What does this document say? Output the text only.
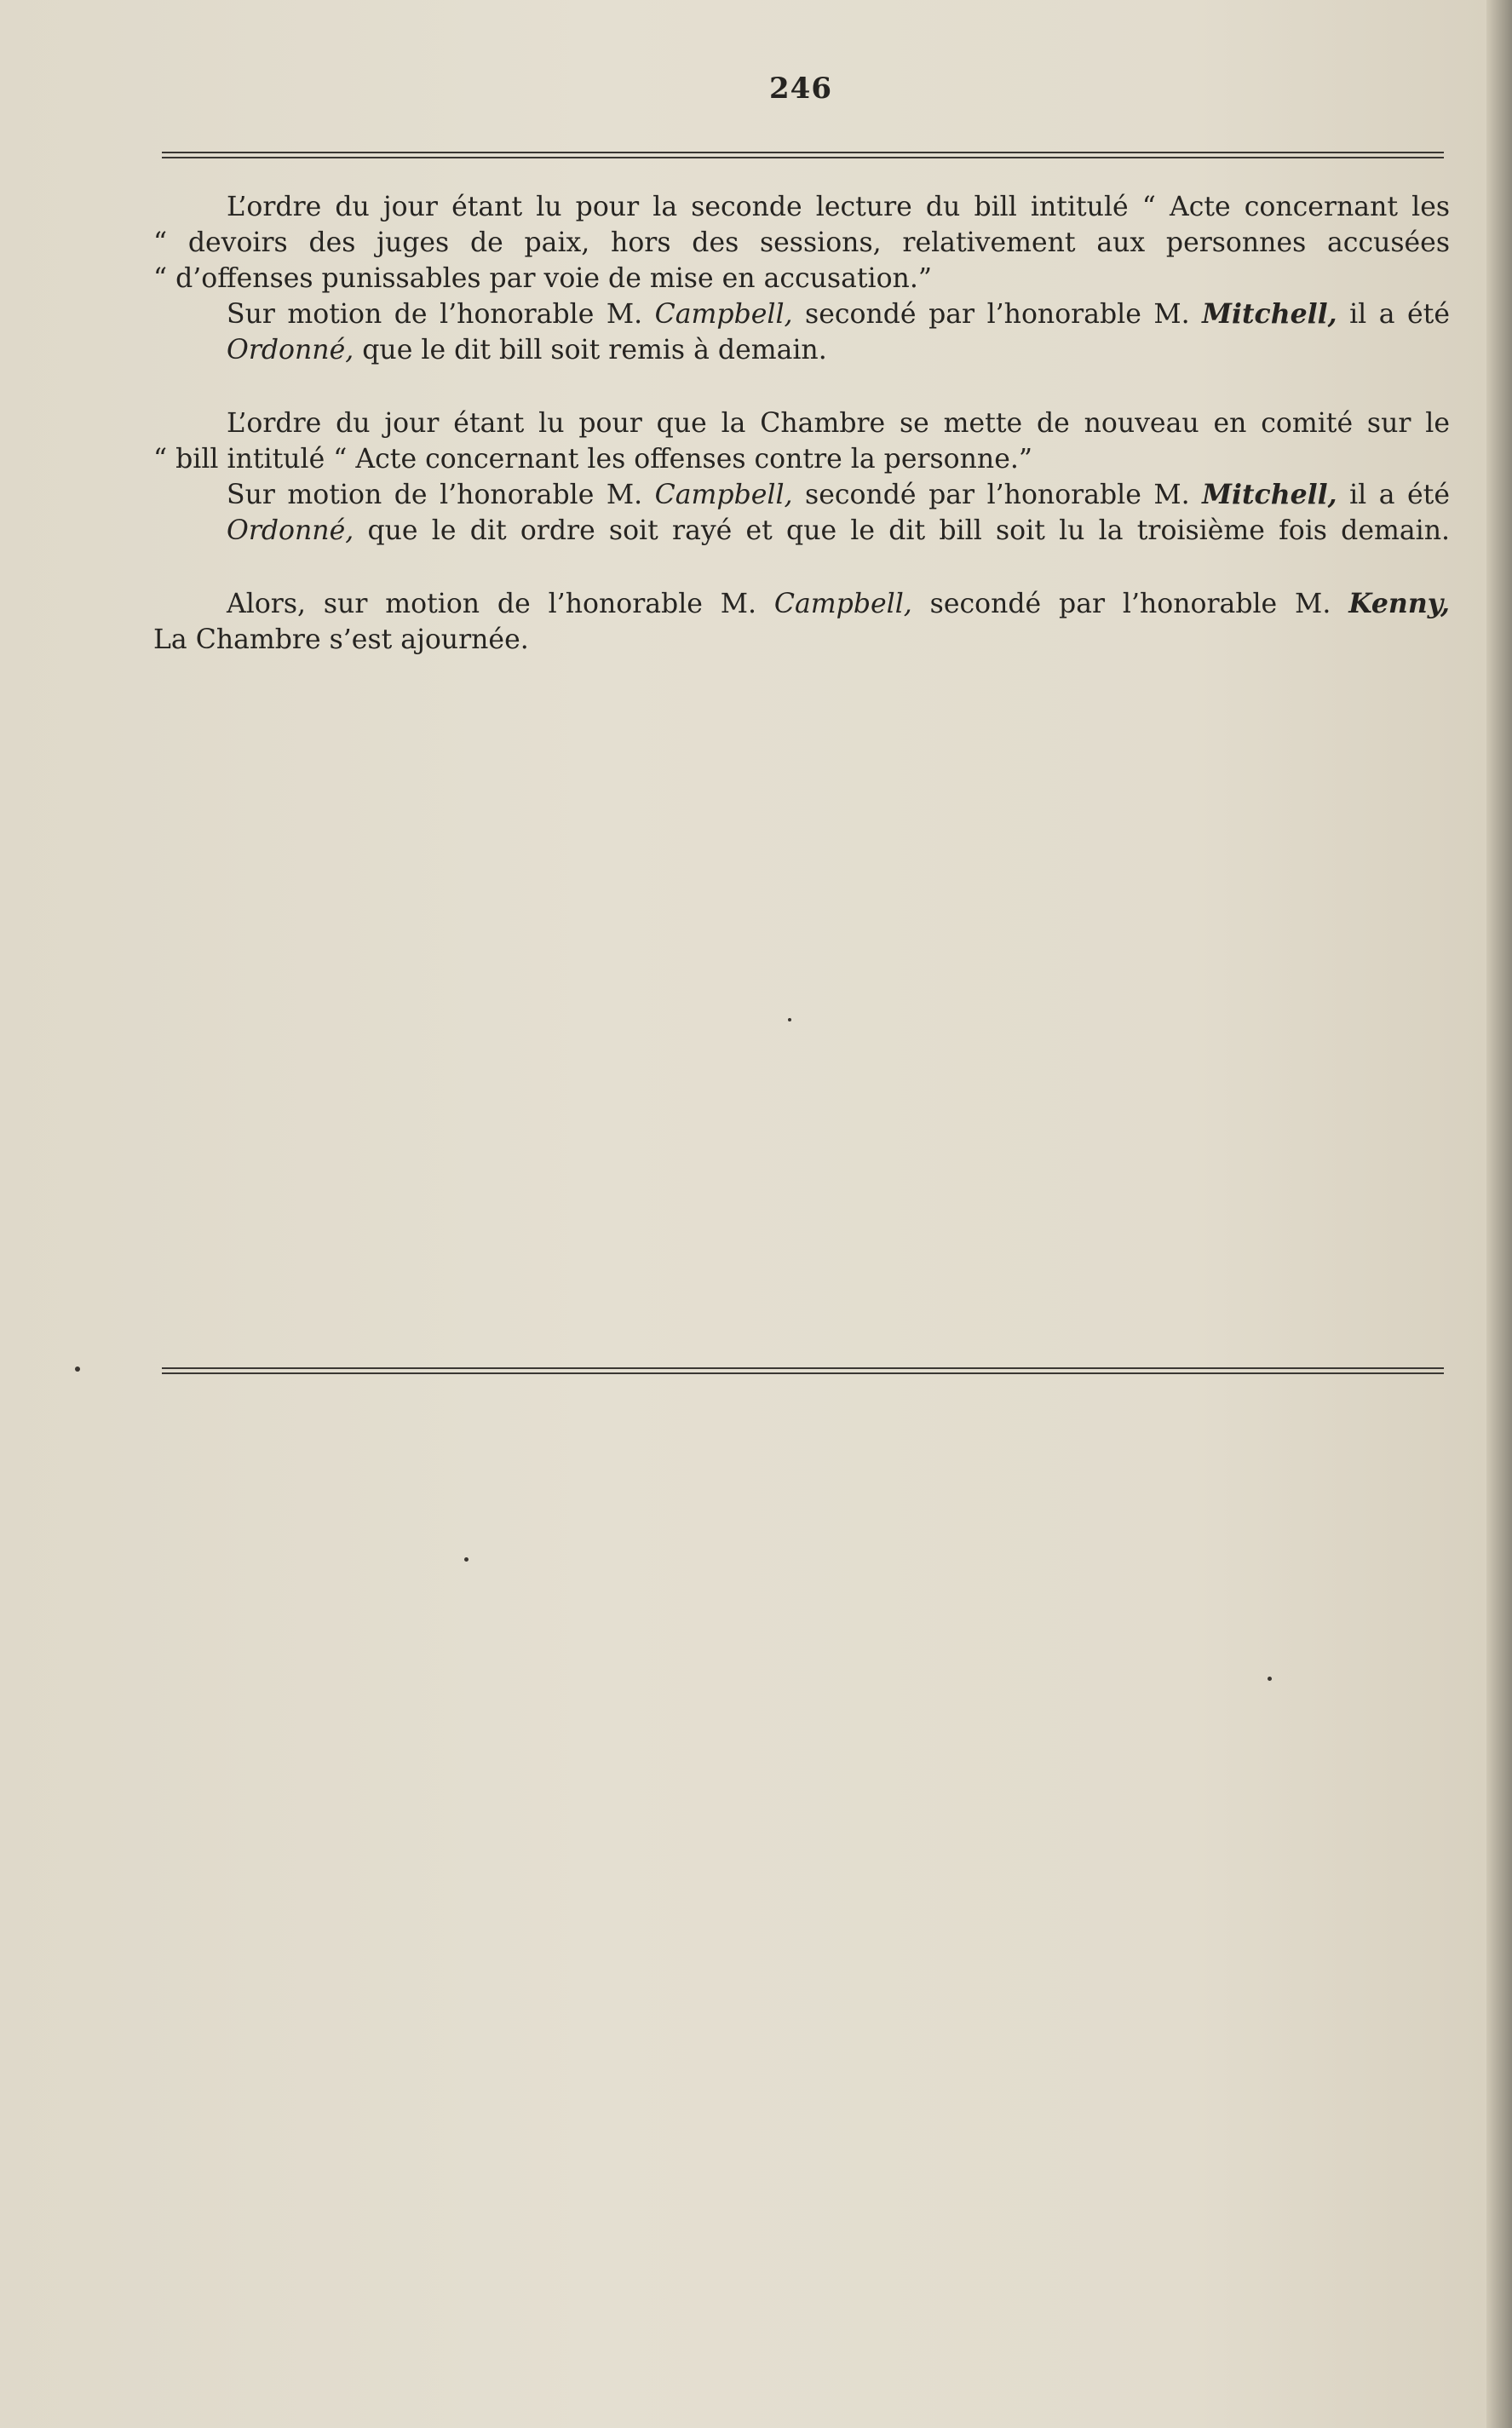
246
L’ordre du jour étant lu pour la seconde lecture du bill intitulé “ Acte concernant les
“ devoirs des juges de paix, hors des sessions, relativement aux personnes accusées
“ d’offenses punissables par voie de mise en accusation.”
Sur motion de l’honorable M. Campbell, secondé par l’honorable M. Mitchell, il a été
Ordonné, que le dit bill soit remis à demain.
L’ordre du jour étant lu pour que la Chambre se mette de nouveau en comité sur le
“ bill intitulé “ Acte concernant les offenses contre la personne.”
Sur motion de l’honorable M. Campbell, secondé par l’honorable M. Mitchell, il a été
Ordonné, que le dit ordre soit rayé et que le dit bill soit lu la troisième fois demain.
Alors, sur motion de l’honorable M. Campbell, secondé par l’honorable M. Kenny,
La Chambre s’est ajournée.
